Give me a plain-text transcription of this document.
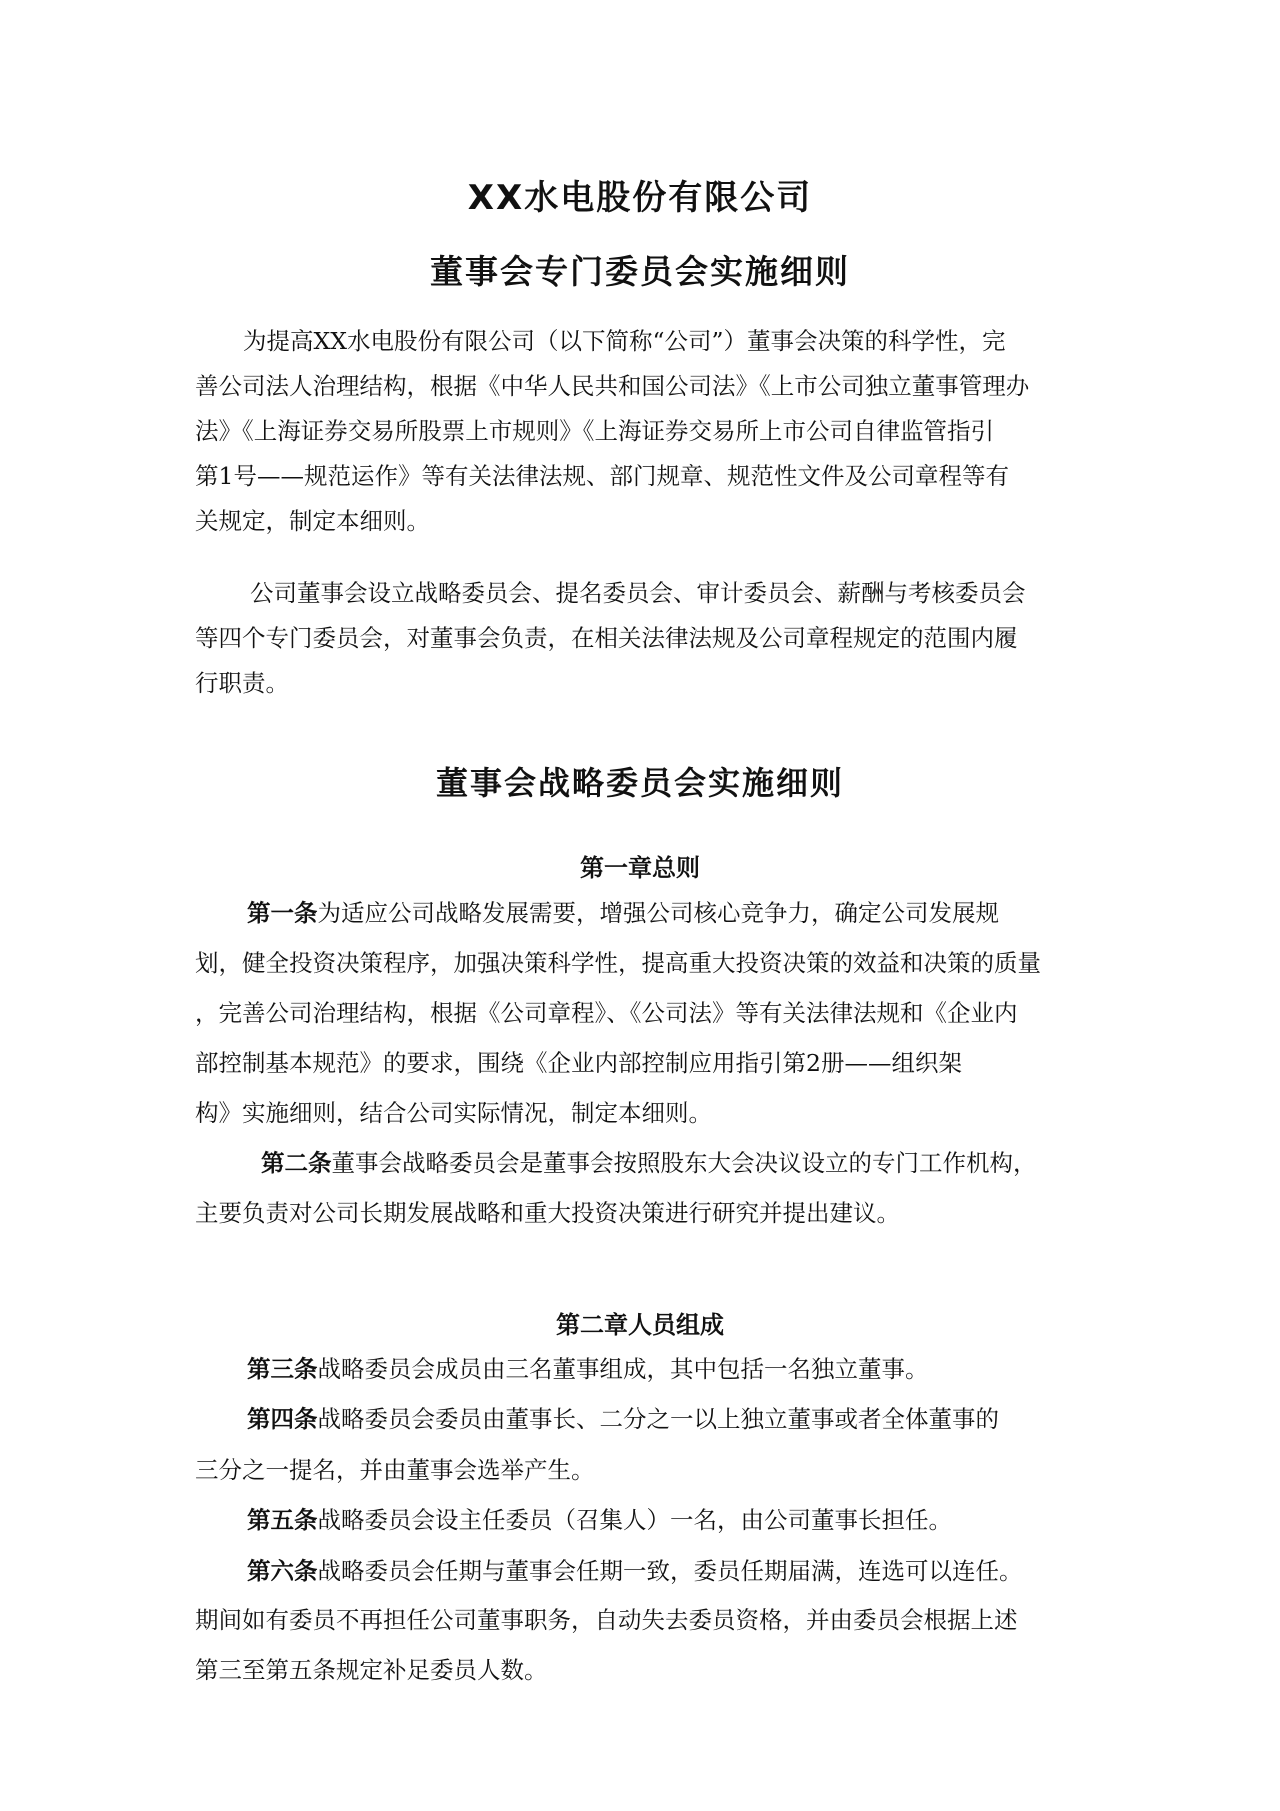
XX水电股份有限公司
董事会专门委员会实施细则
为提高XX水电股份有限公司（以下简称“公司”）董事会决策的科学性，完
善公司法人治理结构，根据《中华人民共和国公司法》《上市公司独立董事管理办
法》《上海证券交易所股票上市规则》《上海证券交易所上市公司自律监管指引
第1号——规范运作》等有关法律法规、部门规章、规范性文件及公司章程等有
关规定，制定本细则。
公司董事会设立战略委员会、提名委员会、审计委员会、薪酬与考核委员会
等四个专门委员会，对董事会负责，在相关法律法规及公司章程规定的范围内履
行职责。
董事会战略委员会实施细则
第一章总则
第一条为适应公司战略发展需要，增强公司核心竞争力，确定公司发展规
划，健全投资决策程序，加强决策科学性，提高重大投资决策的效益和决策的质量
，完善公司治理结构，根据《公司章程》、《公司法》等有关法律法规和《企业内
部控制基本规范》的要求，围绕《企业内部控制应用指引第2册——组织架
构》实施细则，结合公司实际情况，制定本细则。
第二条董事会战略委员会是董事会按照股东大会决议设立的专门工作机构，
主要负责对公司长期发展战略和重大投资决策进行研究并提出建议。
第二章人员组成
第三条战略委员会成员由三名董事组成，其中包括一名独立董事。
第四条战略委员会委员由董事长、二分之一以上独立董事或者全体董事的
三分之一提名，并由董事会选举产生。
第五条战略委员会设主任委员（召集人）一名，由公司董事长担任。
第六条战略委员会任期与董事会任期一致，委员任期届满，连选可以连任。
期间如有委员不再担任公司董事职务，自动失去委员资格，并由委员会根据上述
第三至第五条规定补足委员人数。
